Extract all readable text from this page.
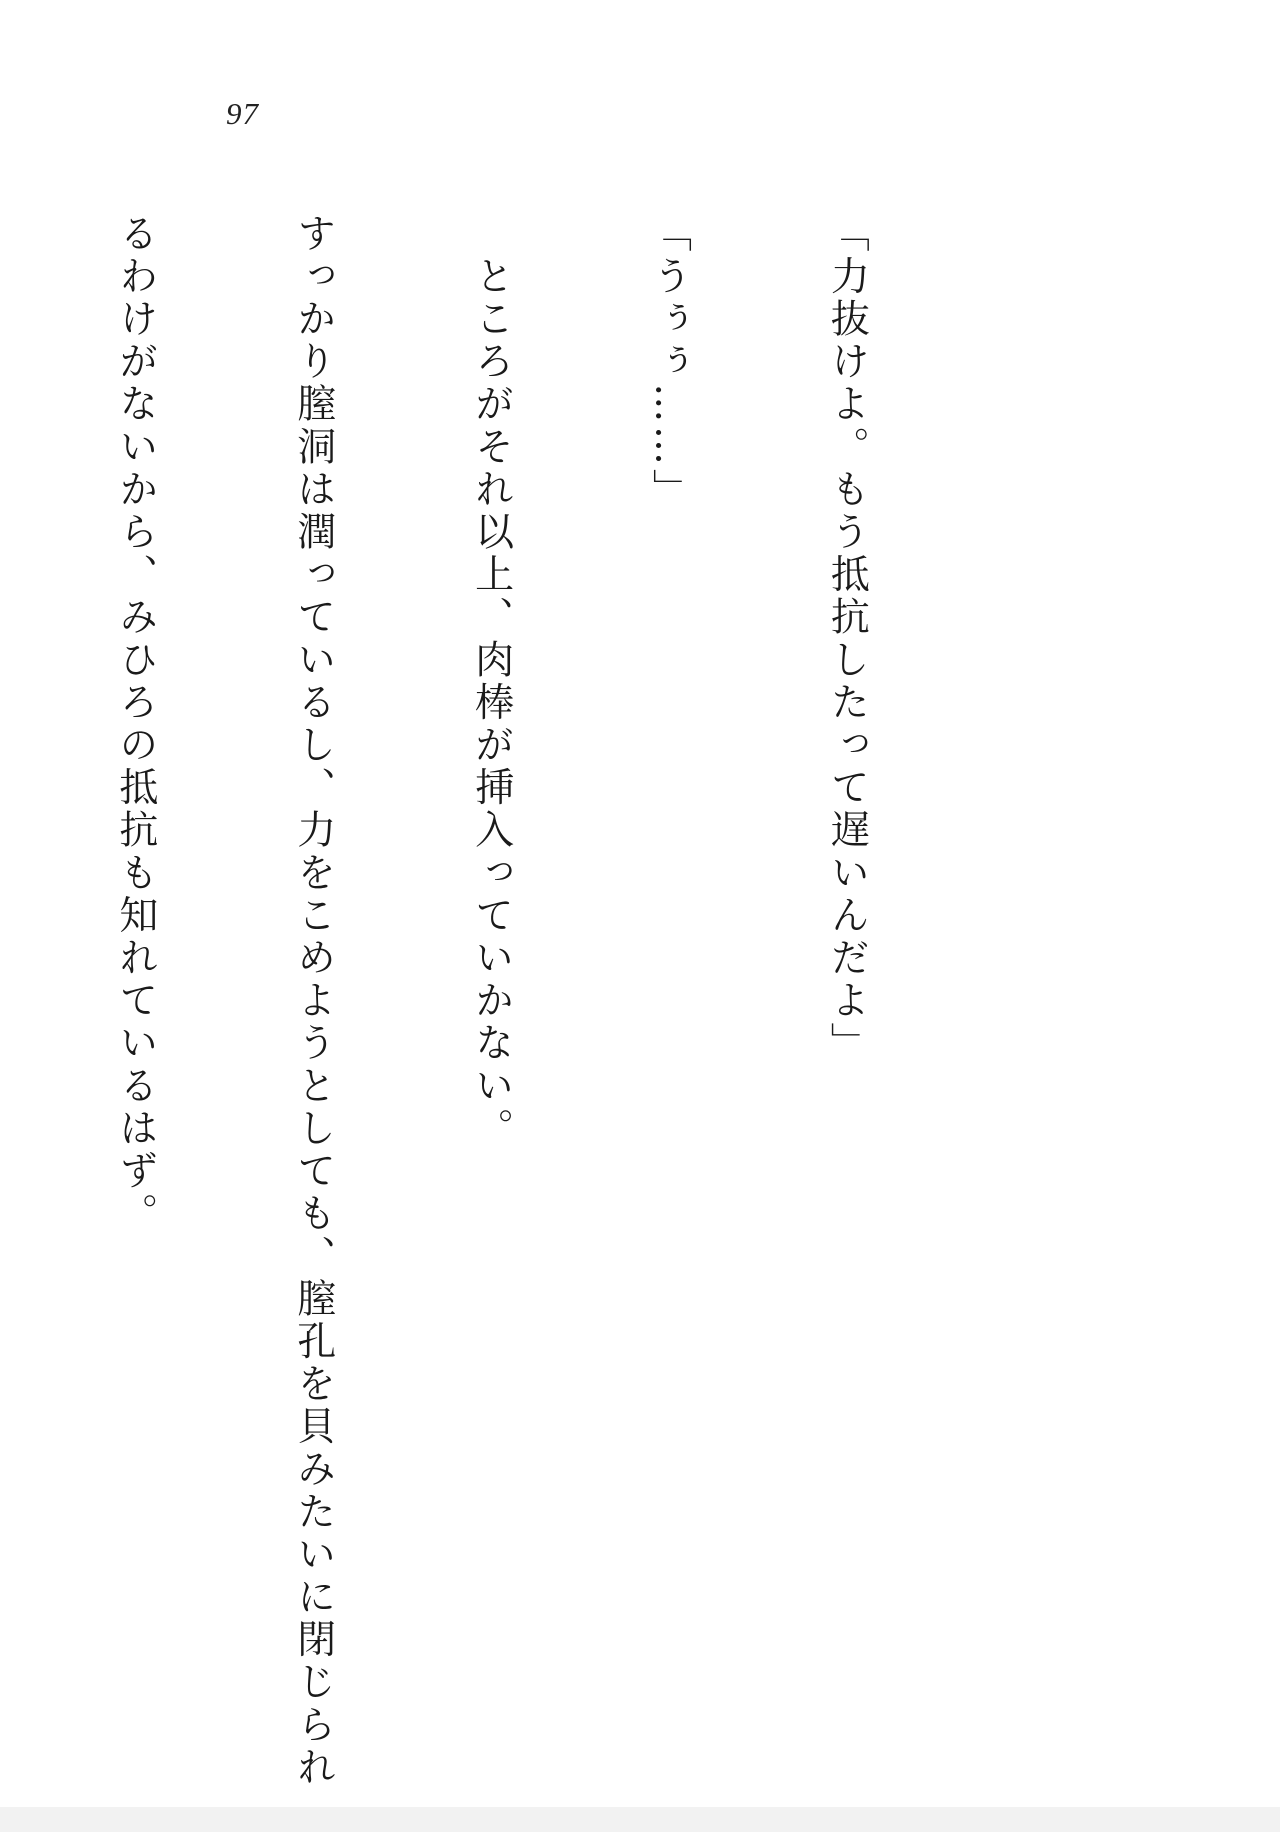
97

「力抜けよ。もう抵抗したって遅いんだよ」

「うぅぅ……」

　ところがそれ以上、肉棒が挿入っていかない。

すっかり膣洞は潤っているし、力をこめようとしても、膣孔を貝みたいに閉じられ

るわけがないから、みひろの抵抗も知れているはず。
